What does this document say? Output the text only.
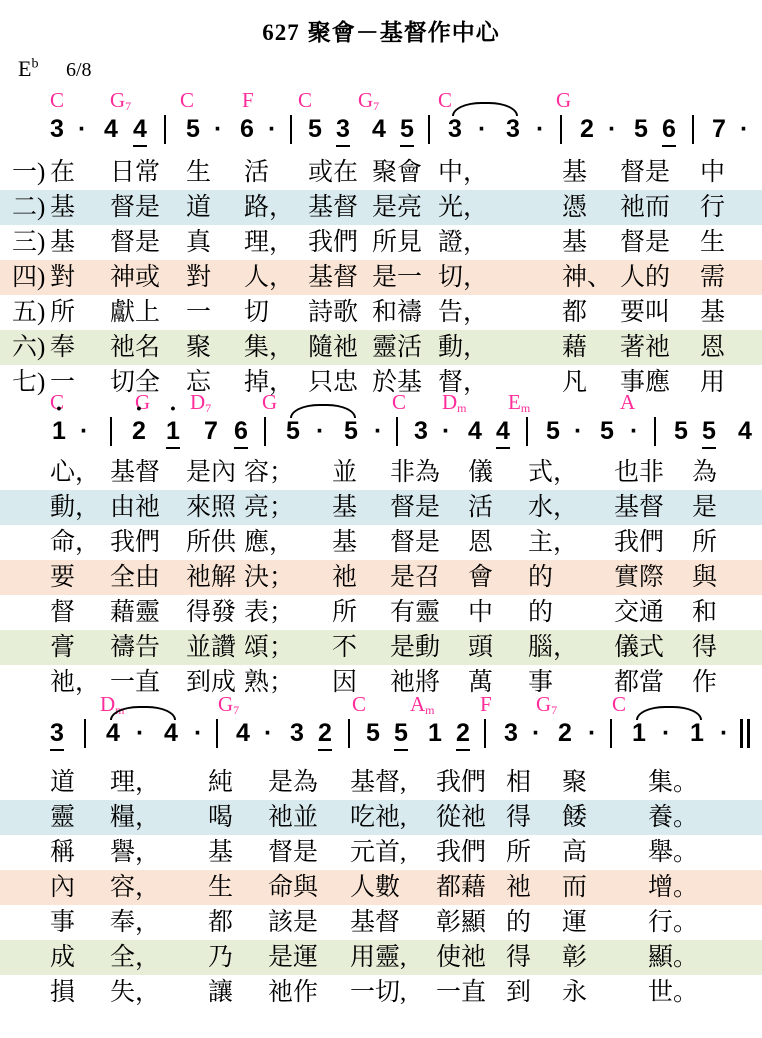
627 聚會－基督作中心
$E^b$ 6/8
C $G_7$ C F C $G_7$	C	G
3 · 4 4 5 · 6 · 5 3 4 5 3 · 3 · 2 · 5 6 7 ·
一) 在 日常 生 活 或在 聚會 中，	基 督是 中
二) 基 督是 道 路， 基督 是亮 光，	憑 祂而 行
三) 基 督是 真 理， 我們 所見 證，	基 督是 生
四) 對 神或 對 人， 基督 是一 切，	神、 人的 需
五) 所 獻上 一 切 詩歌 和禱 告，	都 要叫 基
六) 奉 祂名 聚 集， 隨祂 靈活 動，	藉 著祂 恩
七) 一 切全 忘 掉， 只忠 於基 督，	凡 事應 用
C	G $D_7$ G	C $D_m$ $E_m$	A
• 1 · • 2 • 1 7 6 5 · 5 · 3 · 4 4 5 · 5 · 5 5 4
心， 基督 是內 容； 並 非為 儀 式， 也非 為
動， 由祂 來照 亮； 基 督是 活 水， 基督 是
命， 我們 所供 應， 基 督是 恩 主， 我們 所
要 全由 祂解 決； 祂 是召 會 的 實際 與
督 藉靈 得發 表； 所 有靈 中 的 交通 和
膏 禱告 並讚 頌； 不 是動 頭 腦， 儀式 得
祂， 一直 到成 熟； 因 祂將 萬 事 都當 作
$D_m$	$G_7$	C $A_m$ F $G_7$	C
3 4 · 4 · 4 · 3 2 5 5 1 2 3 · 2 · 1 · 1 ·
道 理， 純 是為 基督, 我們 相 聚 集。
靈 糧， 喝 祂並 吃祂, 從祂 得 餧 養。
稱 譽， 基 督是 元首, 我們 所 高 舉。
內 容， 生 命與 人數 都藉 祂 而 增。
事 奉， 都 該是 基督 彰顯 的 運 行。
成 全， 乃 是運 用靈, 使祂 得 彰 顯。
損 失， 讓 祂作 一切, 一直 到 永 世。
